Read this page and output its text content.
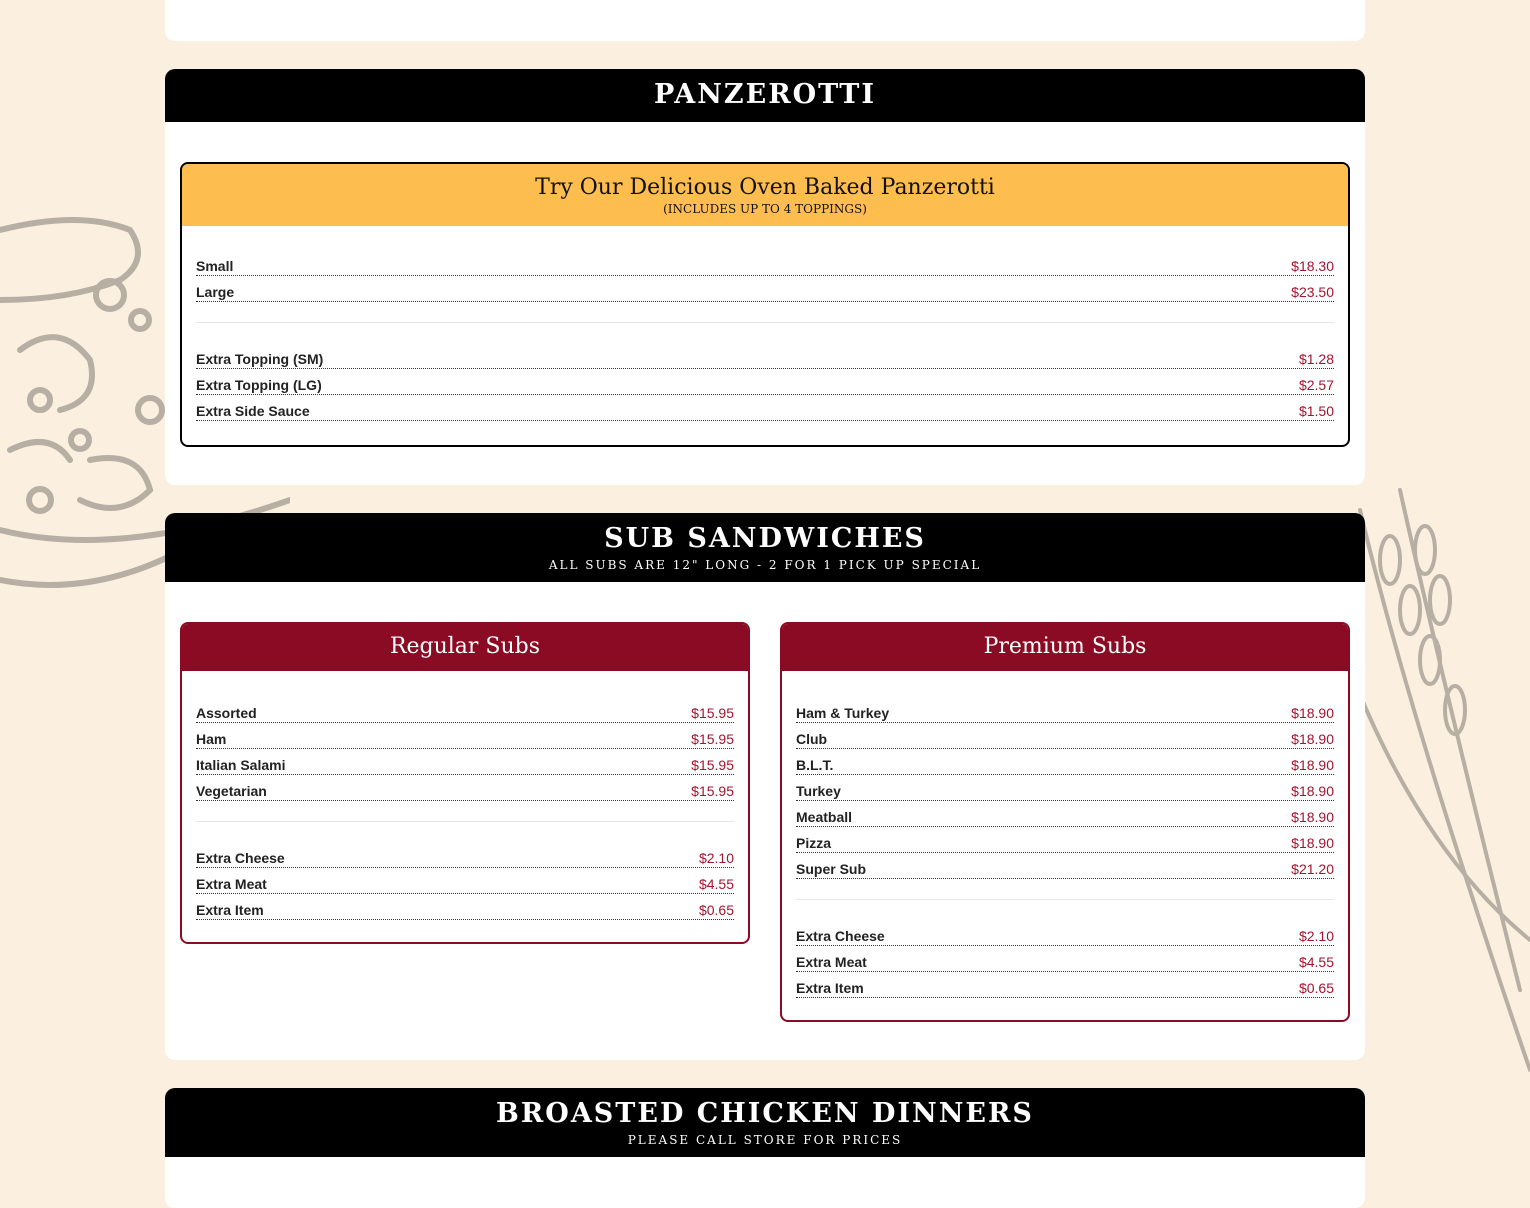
PANZEROTTI
Try Our Delicious Oven Baked Panzerotti
(INCLUDES UP TO 4 TOPPINGS)
Small	$18.30
Large	$23.50
Extra Topping (SM)	$1.28
Extra Topping (LG)	$2.57
Extra Side Sauce	$1.50
SUB SANDWICHES
ALL SUBS ARE 12" LONG - 2 FOR 1 PICK UP SPECIAL
Regular Subs
Assorted	$15.95
Ham	$15.95
Italian Salami	$15.95
Vegetarian	$15.95
Extra Cheese	$2.10
Extra Meat	$4.55
Extra Item	$0.65
Premium Subs
Ham & Turkey	$18.90
Club	$18.90
B.L.T.	$18.90
Turkey	$18.90
Meatball	$18.90
Pizza	$18.90
Super Sub	$21.20
Extra Cheese	$2.10
Extra Meat	$4.55
Extra Item	$0.65
BROASTED CHICKEN DINNERS
PLEASE CALL STORE FOR PRICES
